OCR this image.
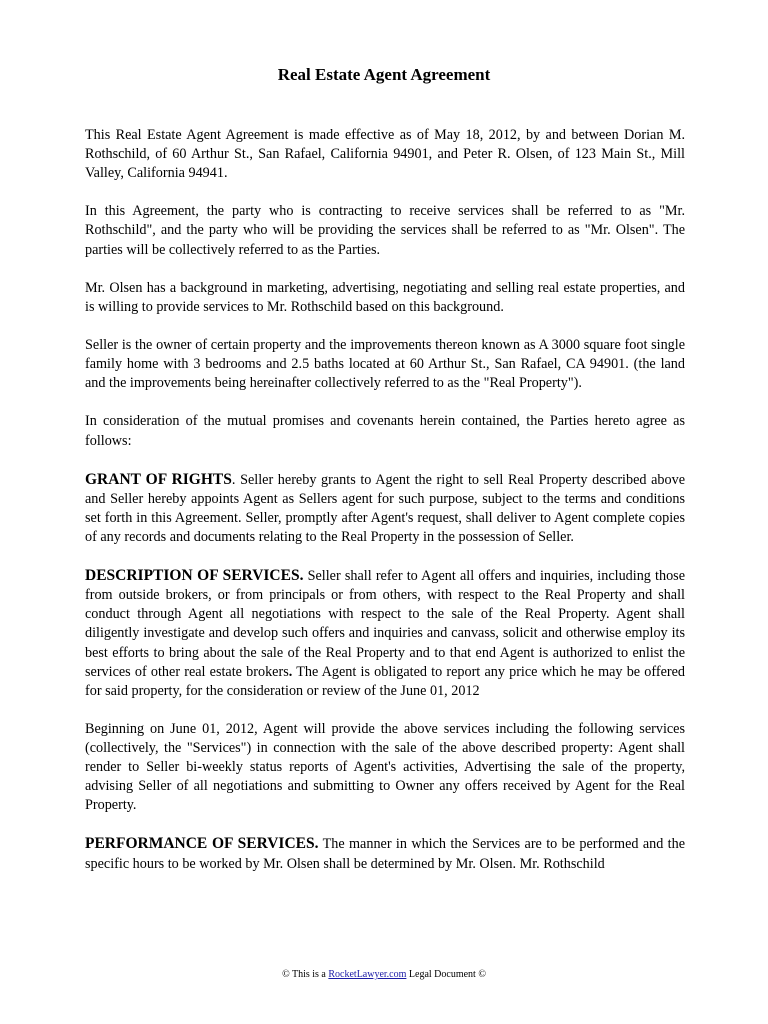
Real Estate Agent Agreement

This Real Estate Agent Agreement is made effective as of May 18, 2012, by and between Dorian M. Rothschild, of 60 Arthur St., San Rafael, California 94901, and Peter R. Olsen, of 123 Main St., Mill Valley, California 94941.

In this Agreement, the party who is contracting to receive services shall be referred to as "Mr. Rothschild", and the party who will be providing the services shall be referred to as "Mr. Olsen". The parties will be collectively referred to as the Parties.

Mr. Olsen has a background in marketing, advertising, negotiating and selling real estate properties, and is willing to provide services to Mr. Rothschild based on this background.

Seller is the owner of certain property and the improvements thereon known as A 3000 square foot single family home with 3 bedrooms and 2.5 baths located at 60 Arthur St., San Rafael, CA 94901. (the land and the improvements being hereinafter collectively referred to as the "Real Property").

In consideration of the mutual promises and covenants herein contained, the Parties hereto agree as follows:

GRANT OF RIGHTS. Seller hereby grants to Agent the right to sell Real Property described above and Seller hereby appoints Agent as Sellers agent for such purpose, subject to the terms and conditions set forth in this Agreement. Seller, promptly after Agent's request, shall deliver to Agent complete copies of any records and documents relating to the Real Property in the possession of Seller.

DESCRIPTION OF SERVICES. Seller shall refer to Agent all offers and inquiries, including those from outside brokers, or from principals or from others, with respect to the Real Property and shall conduct through Agent all negotiations with respect to the sale of the Real Property. Agent shall diligently investigate and develop such offers and inquiries and canvass, solicit and otherwise employ its best efforts to bring about the sale of the Real Property and to that end Agent is authorized to enlist the services of other real estate brokers. The Agent is obligated to report any price which he may be offered for said property, for the consideration or review of the June 01, 2012

Beginning on June 01, 2012, Agent will provide the above services including the following services (collectively, the "Services") in connection with the sale of the above described property: Agent shall render to Seller bi-weekly status reports of Agent's activities, Advertising the sale of the property, advising Seller of all negotiations and submitting to Owner any offers received by Agent for the Real Property.

PERFORMANCE OF SERVICES. The manner in which the Services are to be performed and the specific hours to be worked by Mr. Olsen shall be determined by Mr. Olsen. Mr. Rothschild

© This is a RocketLawyer.com Legal Document ©
